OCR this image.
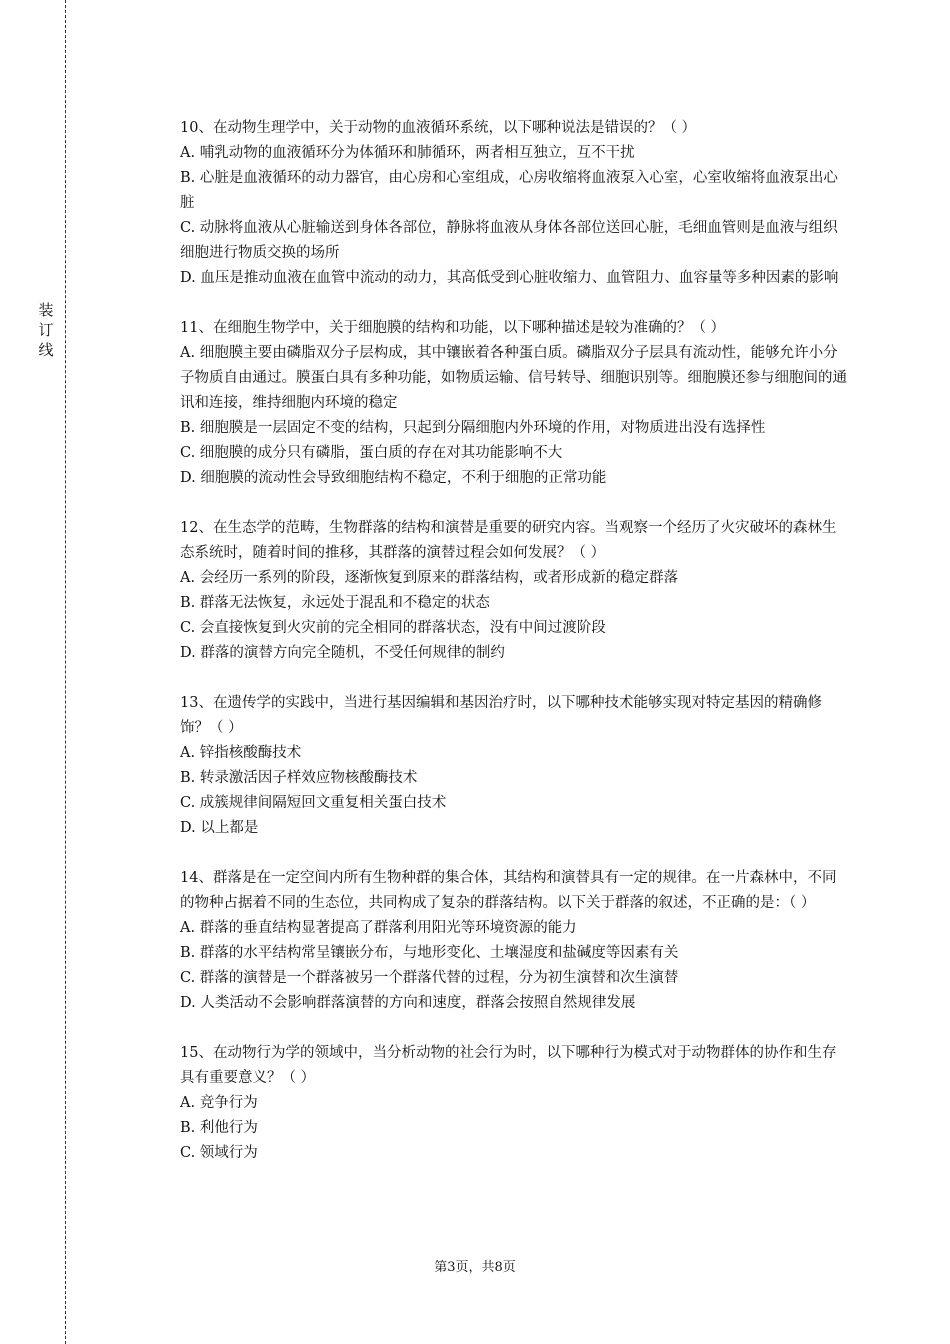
装
订
线

10、在动物生理学中，关于动物的血液循环系统，以下哪种说法是错误的？（ ）

A. 哺乳动物的血液循环分为体循环和肺循环，两者相互独立，互不干扰

B. 心脏是血液循环的动力器官，由心房和心室组成，心房收缩将血液泵入心室，心室收缩将血液泵出心脏

C. 动脉将血液从心脏输送到身体各部位，静脉将血液从身体各部位送回心脏，毛细血管则是血液与组织细胞进行物质交换的场所

D. 血压是推动血液在血管中流动的动力，其高低受到心脏收缩力、血管阻力、血容量等多种因素的影响

11、在细胞生物学中，关于细胞膜的结构和功能，以下哪种描述是较为准确的？（ ）

A. 细胞膜主要由磷脂双分子层构成，其中镶嵌着各种蛋白质。磷脂双分子层具有流动性，能够允许小分子物质自由通过。膜蛋白具有多种功能，如物质运输、信号转导、细胞识别等。细胞膜还参与细胞间的通讯和连接，维持细胞内环境的稳定

B. 细胞膜是一层固定不变的结构，只起到分隔细胞内外环境的作用，对物质进出没有选择性

C. 细胞膜的成分只有磷脂，蛋白质的存在对其功能影响不大

D. 细胞膜的流动性会导致细胞结构不稳定，不利于细胞的正常功能

12、在生态学的范畴，生物群落的结构和演替是重要的研究内容。当观察一个经历了火灾破坏的森林生态系统时，随着时间的推移，其群落的演替过程会如何发展？（ ）

A. 会经历一系列的阶段，逐渐恢复到原来的群落结构，或者形成新的稳定群落

B. 群落无法恢复，永远处于混乱和不稳定的状态

C. 会直接恢复到火灾前的完全相同的群落状态，没有中间过渡阶段

D. 群落的演替方向完全随机，不受任何规律的制约

13、在遗传学的实践中，当进行基因编辑和基因治疗时，以下哪种技术能够实现对特定基因的精确修饰？（ ）

A. 锌指核酸酶技术

B. 转录激活因子样效应物核酸酶技术

C. 成簇规律间隔短回文重复相关蛋白技术

D. 以上都是

14、群落是在一定空间内所有生物种群的集合体，其结构和演替具有一定的规律。在一片森林中，不同的物种占据着不同的生态位，共同构成了复杂的群落结构。以下关于群落的叙述，不正确的是：（ ）

A. 群落的垂直结构显著提高了群落利用阳光等环境资源的能力

B. 群落的水平结构常呈镶嵌分布，与地形变化、土壤湿度和盐碱度等因素有关

C. 群落的演替是一个群落被另一个群落代替的过程，分为初生演替和次生演替

D. 人类活动不会影响群落演替的方向和速度，群落会按照自然规律发展

15、在动物行为学的领域中，当分析动物的社会行为时，以下哪种行为模式对于动物群体的协作和生存具有重要意义？（ ）

A. 竞争行为

B. 利他行为

C. 领域行为

第3页，共8页
